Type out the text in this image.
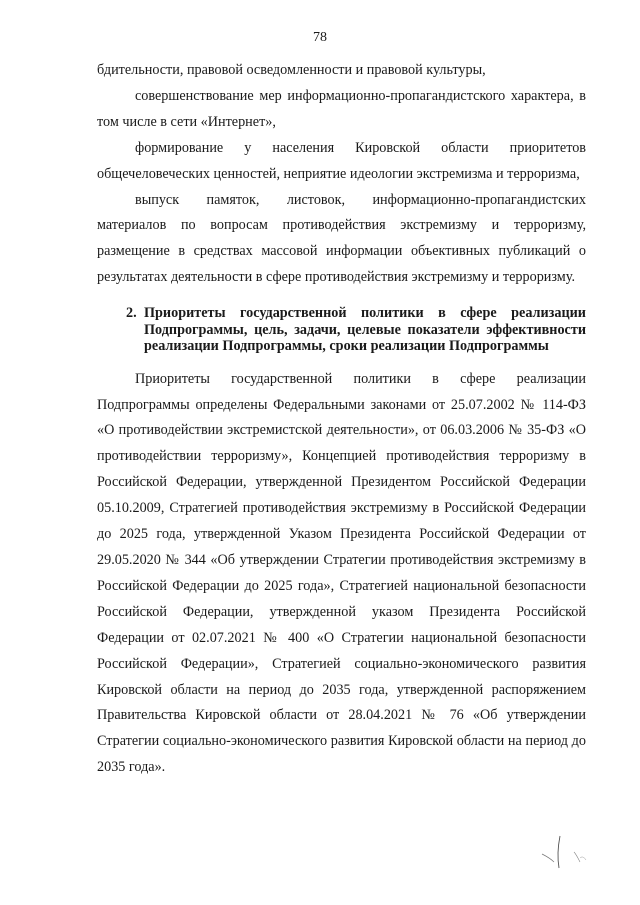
78

бдительности, правовой осведомленности и правовой культуры,

совершенствование мер информационно-пропагандистского характера, в том числе в сети «Интернет»,

формирование у населения Кировской области приоритетов общечеловеческих ценностей, неприятие идеологии экстремизма и терроризма,

выпуск памяток, листовок, информационно-пропагандистских материалов по вопросам противодействия экстремизму и терроризму, размещение в средствах массовой информации объективных публикаций о результатах деятельности в сфере противодействия экстремизму и терроризму.

2. Приоритеты государственной политики в сфере реализации Подпрограммы, цель, задачи, целевые показатели эффективности реализации Подпрограммы, сроки реализации Подпрограммы

Приоритеты государственной политики в сфере реализации Подпрограммы определены Федеральными законами от 25.07.2002 № 114-ФЗ «О противодействии экстремистской деятельности», от 06.03.2006 № 35-ФЗ «О противодействии терроризму», Концепцией противодействия терроризму в Российской Федерации, утвержденной Президентом Российской Федерации 05.10.2009, Стратегией противодействия экстремизму в Российской Федерации до 2025 года, утвержденной Указом Президента Российской Федерации от 29.05.2020 № 344 «Об утверждении Стратегии противодействия экстремизму в Российской Федерации до 2025 года», Стратегией национальной безопасности Российской Федерации, утвержденной указом Президента Российской Федерации от 02.07.2021 № 400 «О Стратегии национальной безопасности Российской Федерации», Стратегией социально-экономического развития Кировской области на период до 2035 года, утвержденной распоряжением Правительства Кировской области от 28.04.2021 № 76 «Об утверждении Стратегии социально-экономического развития Кировской области на период до 2035 года».
